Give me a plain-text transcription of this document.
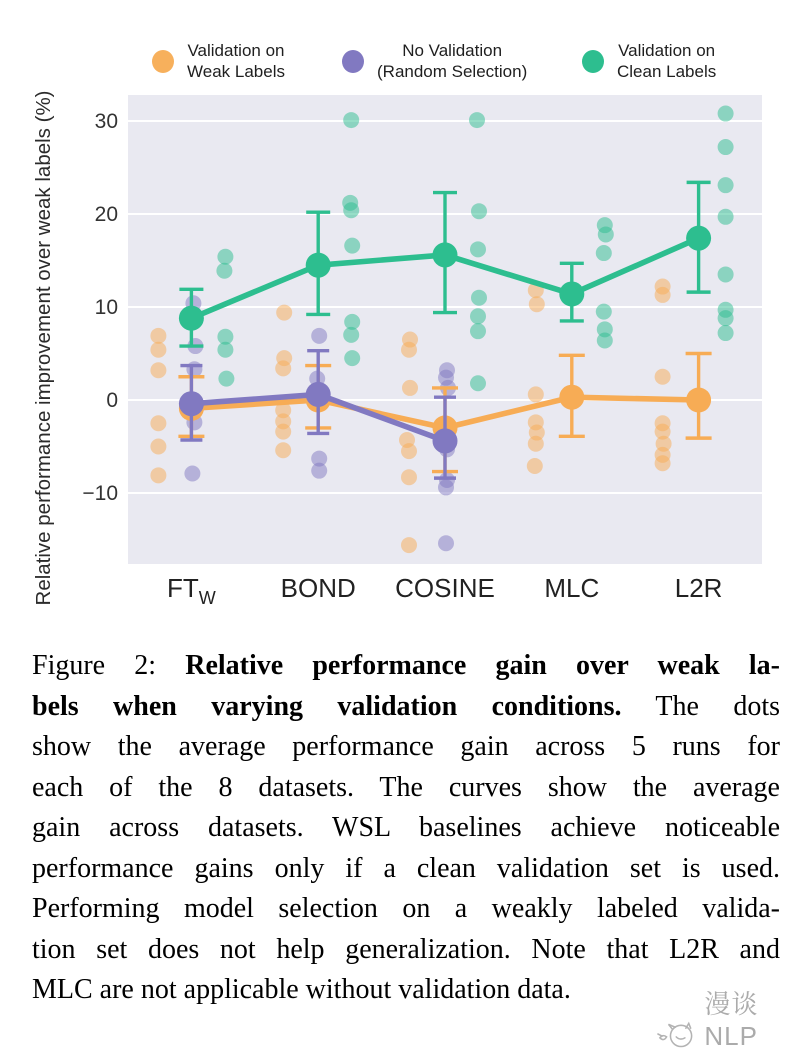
30
20
10
0
−10
$FT_W$ BOND COSINE MLC	L2R
Relative performance improvement over weak labels (%)
Validation on
Weak Labels
No Validation
(Random Selection)
Validation on
Clean Labels
Figure 2: Relative performance gain over weak la-
bels when varying validation conditions. The dots
show the average performance gain across 5 runs for
each of the 8 datasets. The curves show the average
gain across datasets. WSL baselines achieve noticeable
performance gains only if a clean validation set is used.
Performing model selection on a weakly labeled valida-
tion set does not help generalization. Note that L2R and
MLC are not applicable without validation data.	漫谈NLP
